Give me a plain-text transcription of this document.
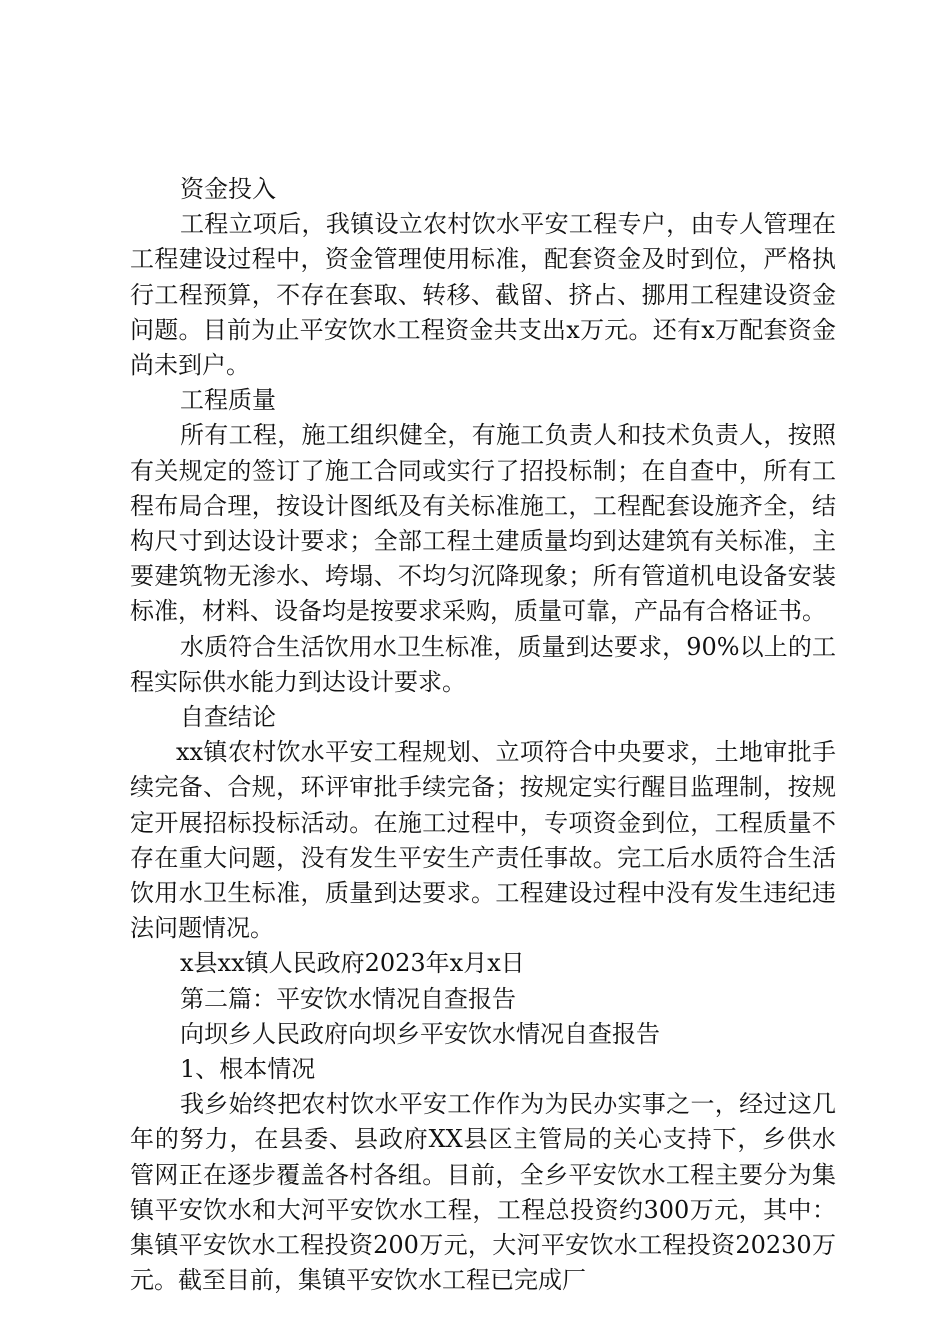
资金投入

工程立项后，我镇设立农村饮水平安工程专户，由专人管理在工程建设过程中，资金管理使用标准，配套资金及时到位，严格执行工程预算，不存在套取、转移、截留、挤占、挪用工程建设资金问题。目前为止平安饮水工程资金共支出x万元。还有x万配套资金尚未到户。

工程质量

所有工程，施工组织健全，有施工负责人和技术负责人，按照有关规定的签订了施工合同或实行了招投标制；在自查中，所有工程布局合理，按设计图纸及有关标准施工，工程配套设施齐全，结构尺寸到达设计要求；全部工程土建质量均到达建筑有关标准，主要建筑物无渗水、垮塌、不均匀沉降现象；所有管道机电设备安装标准，材料、设备均是按要求采购，质量可靠，产品有合格证书。

水质符合生活饮用水卫生标准，质量到达要求，90%以上的工程实际供水能力到达设计要求。

自查结论

xx镇农村饮水平安工程规划、立项符合中央要求，土地审批手续完备、合规，环评审批手续完备；按规定实行醒目监理制，按规定开展招标投标活动。在施工过程中，专项资金到位，工程质量不存在重大问题，没有发生平安生产责任事故。完工后水质符合生活饮用水卫生标准，质量到达要求。工程建设过程中没有发生违纪违法问题情况。

x县xx镇人民政府2023年x月x日

第二篇：平安饮水情况自查报告

向坝乡人民政府向坝乡平安饮水情况自查报告

1、根本情况

我乡始终把农村饮水平安工作作为为民办实事之一，经过这几年的努力，在县委、县政府XX县区主管局的关心支持下，乡供水管网正在逐步覆盖各村各组。目前，全乡平安饮水工程主要分为集镇平安饮水和大河平安饮水工程，工程总投资约300万元，其中：集镇平安饮水工程投资200万元，大河平安饮水工程投资20230万元。截至目前，集镇平安饮水工程已完成厂
